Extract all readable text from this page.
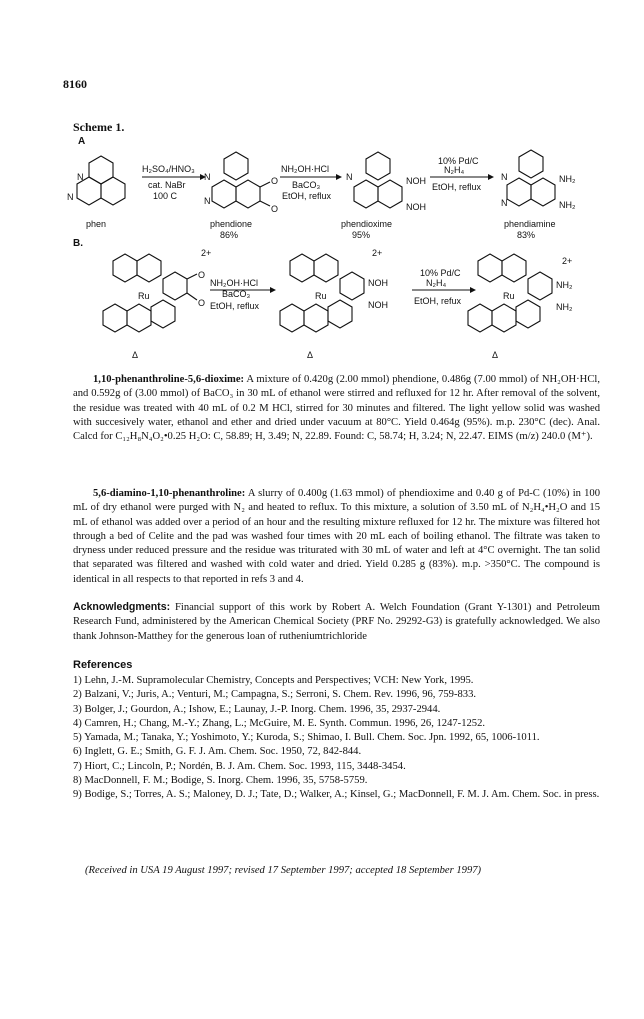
8160
Scheme 1.
A
N
N
H₂SO₄/HNO₃
cat. NaBr
100 C
O
O
N
N
NH₂OH·HCl
BaCO₃
EtOH, reflux
NOH
NOH
N
10% Pd/C
N₂H₄
EtOH, reflux
NH₂
NH₂
N
N
phen	phendione	phendioxime	phendiamine
86%	95%	83%
B.
O
O
Ru
2+
NH₂OH·HCl
BaCO₃
EtOH, reflux
NOH
NOH
Ru
2+
10% Pd/C
N₂H₄
EtOH, refux
NH₂
NH₂
Ru
2+
Δ	Δ	Δ
1,10-phenanthroline-5,6-dioxime: A mixture of 0.420g (2.00 mmol) phendione, 0.486g (7.00 mmol) of NH₂OH·HCl, and 0.592g of (3.00 mmol) of BaCO₃ in 30 mL of ethanol were stirred and refluxed for 12 hr. After removal of the solvent, the residue was treated with 40 mL of 0.2 M HCl, stirred for 30 minutes and filtered. The light yellow solid was washed with succesively water, ethanol and ether and dried under vacuum at 80°C. Yield 0.464g (95%). m.p. 230°C (dec). Anal. Calcd for C₁₂H₈N₄O₂•0.25 H₂O: C, 58.89; H, 3.49; N, 22.89. Found: C, 58.74; H, 3.24; N, 22.47. EIMS (m/z) 240.0 (M⁺).
5,6-diamino-1,10-phenanthroline: A slurry of 0.400g (1.63 mmol) of phendioxime and 0.40 g of Pd-C (10%) in 100 mL of dry ethanol were purged with N₂ and heated to reflux. To this mixture, a solution of 3.50 mL of N₂H₄•H₂O and 15 mL of ethanol was added over a period of an hour and the resulting mixture refluxed for 12 hr. The mixture was filtered hot through a bed of Celite and the pad was washed four times with 20 mL each of boiling ethanol. The filtrate was taken to dryness under reduced pressure and the residue was triturated with 30 mL of water and left at 4°C overnight. The tan solid that separated was filtered and washed with cold water and dried. Yield 0.285 g (83%). m.p. >350°C. The compound is identical in all respects to that reported in refs 3 and 4.
Acknowledgments: Financial support of this work by Robert A. Welch Foundation (Grant Y-1301) and Petroleum Research Fund, administered by the American Chemical Society (PRF No. 29292-G3) is gratefully acknowledged. We also thank Johnson-Matthey for the generous loan of rutheniumtrichloride
References

1) Lehn, J.-M. Supramolecular Chemistry, Concepts and Perspectives; VCH: New York, 1995.

2) Balzani, V.; Juris, A.; Venturi, M.; Campagna, S.; Serroni, S. Chem. Rev. 1996, 96, 759-833.

3) Bolger, J.; Gourdon, A.; Ishow, E.; Launay, J.-P. Inorg. Chem. 1996, 35, 2937-2944.

4) Camren, H.; Chang, M.-Y.; Zhang, L.; McGuire, M. E. Synth. Commun. 1996, 26, 1247-1252.

5) Yamada, M.; Tanaka, Y.; Yoshimoto, Y.; Kuroda, S.; Shimao, I. Bull. Chem. Soc. Jpn. 1992, 65, 1006-1011.

6) Inglett, G. E.; Smith, G. F. J. Am. Chem. Soc. 1950, 72, 842-844.

7) Hiort, C.; Lincoln, P.; Nordén, B. J. Am. Chem. Soc. 1993, 115, 3448-3454.

8) MacDonnell, F. M.; Bodige, S. Inorg. Chem. 1996, 35, 5758-5759.

9) Bodige, S.; Torres, A. S.; Maloney, D. J.; Tate, D.; Walker, A.; Kinsel, G.; MacDonnell, F. M. J. Am. Chem. Soc. in press.

(Received in USA 19 August 1997; revised 17 September 1997; accepted 18 September 1997)
